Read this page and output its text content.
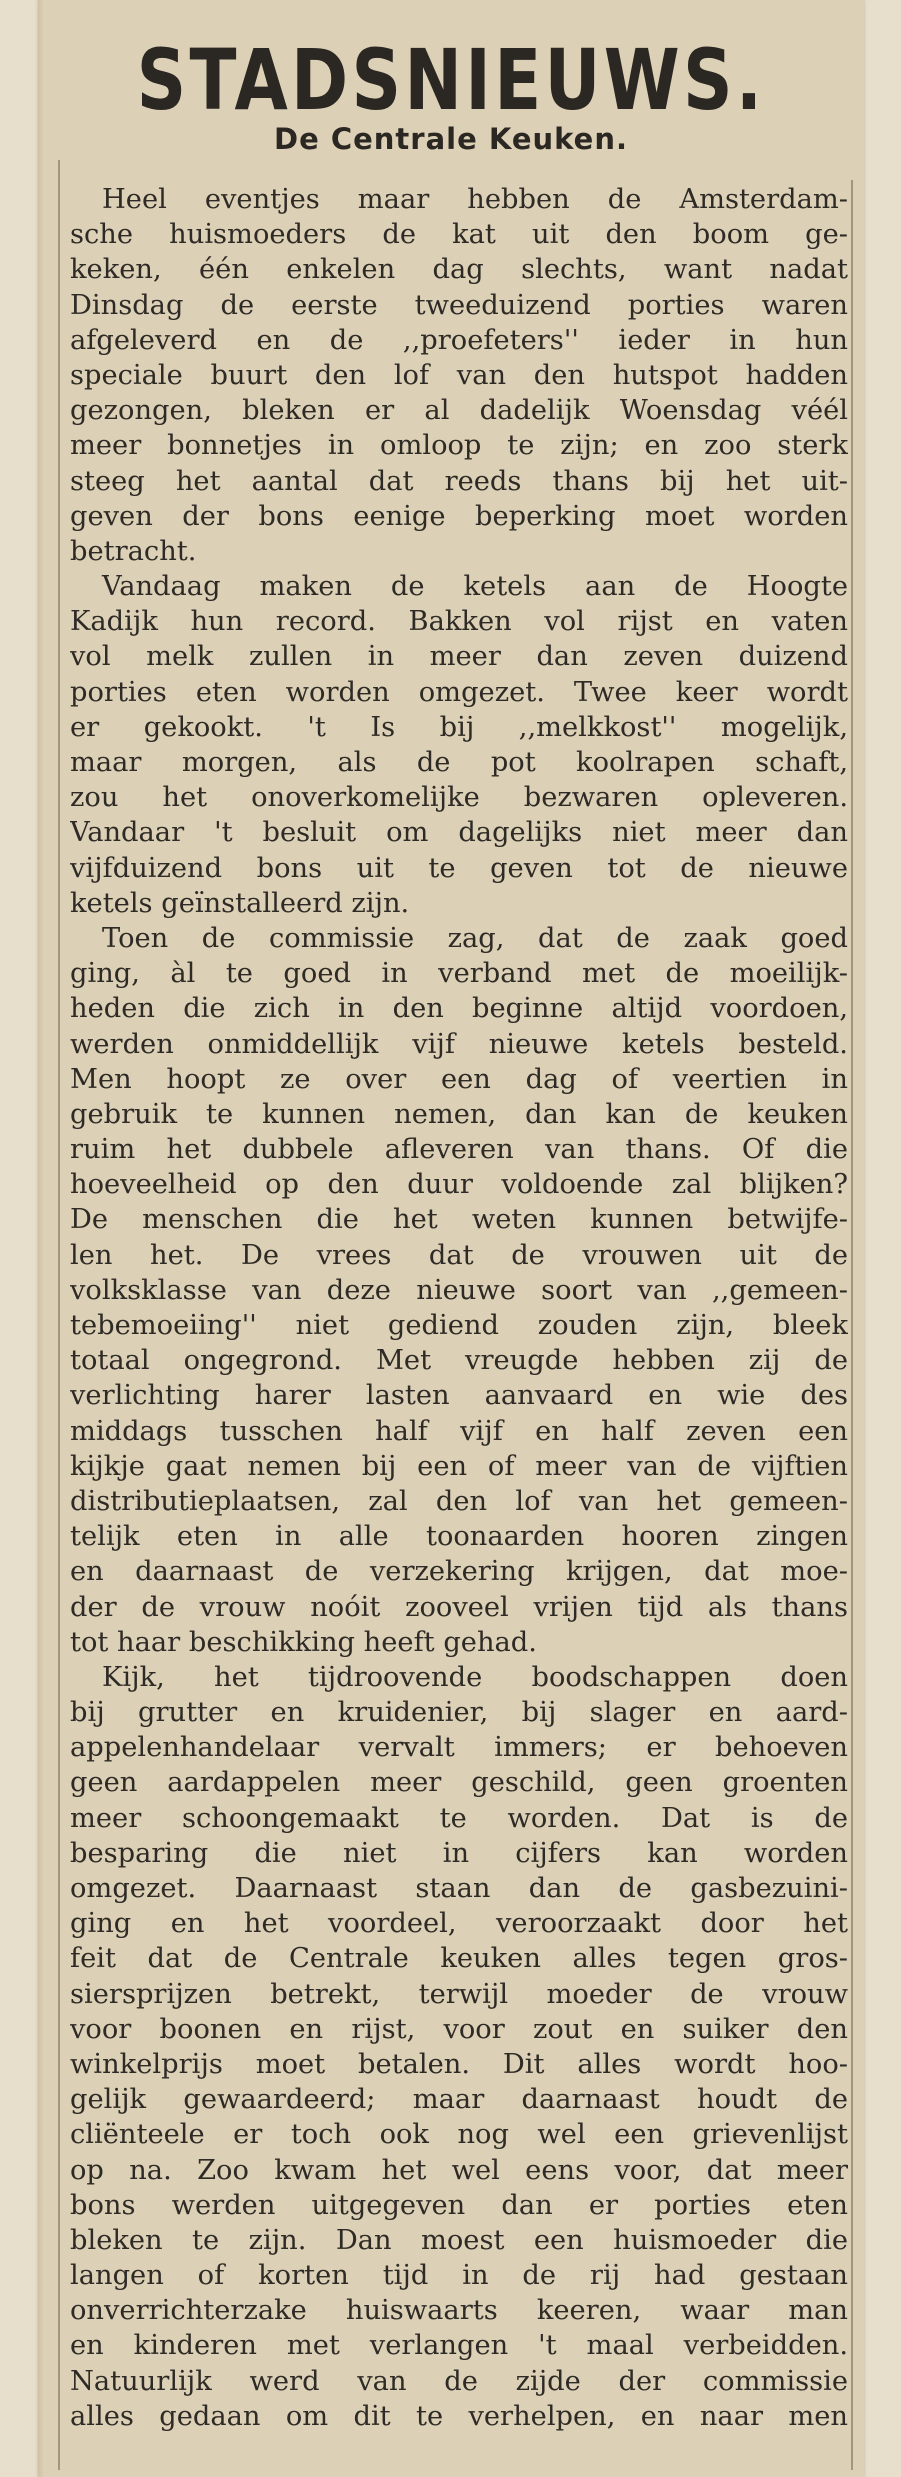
STADSNIEUWS.
De Centrale Keuken.
Heel eventjes maar hebben de Amsterdam-
sche huismoeders de kat uit den boom ge-
keken, één enkelen dag slechts, want nadat
Dinsdag de eerste tweeduizend porties waren
afgeleverd en de ,,proefeters'' ieder in hun
speciale buurt den lof van den hutspot hadden
gezongen, bleken er al dadelijk Woensdag véél
meer bonnetjes in omloop te zijn; en zoo sterk
steeg het aantal dat reeds thans bij het uit-
geven der bons eenige beperking moet worden
betracht.
Vandaag maken de ketels aan de Hoogte
Kadijk hun record. Bakken vol rijst en vaten
vol melk zullen in meer dan zeven duizend
porties eten worden omgezet. Twee keer wordt
er gekookt. 't Is bij ,,melkkost'' mogelijk,
maar morgen, als de pot koolrapen schaft,
zou het onoverkomelijke bezwaren opleveren.
Vandaar 't besluit om dagelijks niet meer dan
vijfduizend bons uit te geven tot de nieuwe
ketels geïnstalleerd zijn.
Toen de commissie zag, dat de zaak goed
ging, àl te goed in verband met de moeilijk-
heden die zich in den beginne altijd voordoen,
werden onmiddellijk vijf nieuwe ketels besteld.
Men hoopt ze over een dag of veertien in
gebruik te kunnen nemen, dan kan de keuken
ruim het dubbele afleveren van thans. Of die
hoeveelheid op den duur voldoende zal blijken?
De menschen die het weten kunnen betwijfe-
len het. De vrees dat de vrouwen uit de
volksklasse van deze nieuwe soort van ,,gemeen-
tebemoeiing'' niet gediend zouden zijn, bleek
totaal ongegrond. Met vreugde hebben zij de
verlichting harer lasten aanvaard en wie des
middags tusschen half vijf en half zeven een
kijkje gaat nemen bij een of meer van de vijftien
distributieplaatsen, zal den lof van het gemeen-
telijk eten in alle toonaarden hooren zingen
en daarnaast de verzekering krijgen, dat moe-
der de vrouw noóit zooveel vrijen tijd als thans
tot haar beschikking heeft gehad.
Kijk, het tijdroovende boodschappen doen
bij grutter en kruidenier, bij slager en aard-
appelenhandelaar vervalt immers; er behoeven
geen aardappelen meer geschild, geen groenten
meer schoongemaakt te worden. Dat is de
besparing die niet in cijfers kan worden
omgezet. Daarnaast staan dan de gasbezuini-
ging en het voordeel, veroorzaakt door het
feit dat de Centrale keuken alles tegen gros-
siersprijzen betrekt, terwijl moeder de vrouw
voor boonen en rijst, voor zout en suiker den
winkelprijs moet betalen. Dit alles wordt hoo-
gelijk gewaardeerd; maar daarnaast houdt de
cliënteele er toch ook nog wel een grievenlijst
op na. Zoo kwam het wel eens voor, dat meer
bons werden uitgegeven dan er porties eten
bleken te zijn. Dan moest een huismoeder die
langen of korten tijd in de rij had gestaan
onverrichterzake huiswaarts keeren, waar man
en kinderen met verlangen 't maal verbeidden.
Natuurlijk werd van de zijde der commissie
alles gedaan om dit te verhelpen, en naar men
